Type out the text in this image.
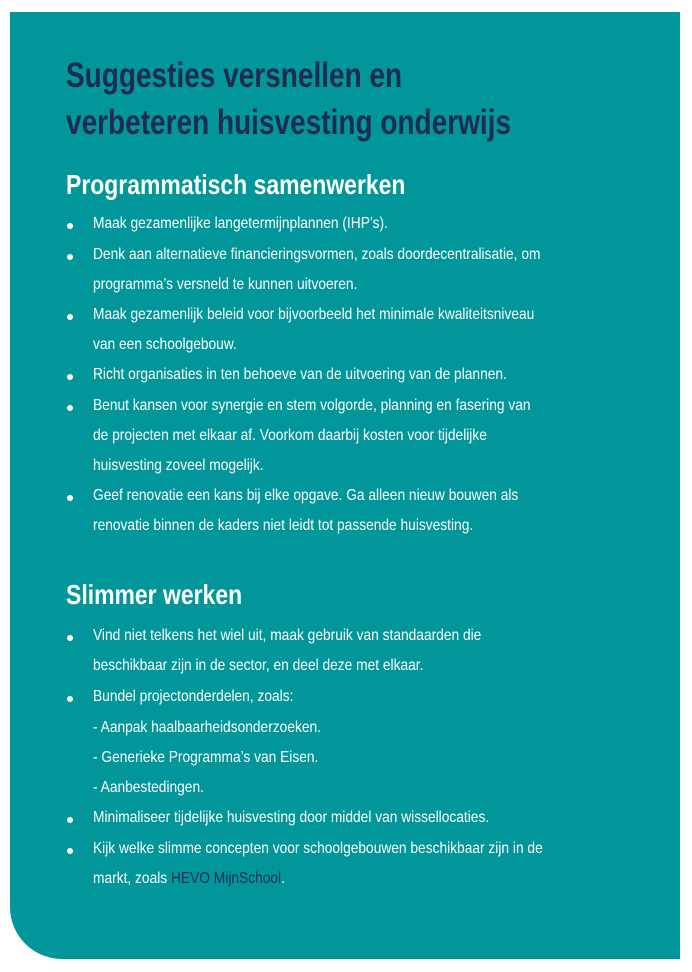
Suggesties versnellen en
verbeteren huisvesting onderwijs
Programmatisch samenwerken
Maak gezamenlijke langetermijnplannen (IHP’s).
Denk aan alternatieve financieringsvormen, zoals doordecentralisatie, om
programma’s versneld te kunnen uitvoeren.
Maak gezamenlijk beleid voor bijvoorbeeld het minimale kwaliteitsniveau
van een schoolgebouw.
Richt organisaties in ten behoeve van de uitvoering van de plannen.
Benut kansen voor synergie en stem volgorde, planning en fasering van
de projecten met elkaar af. Voorkom daarbij kosten voor tijdelijke
huisvesting zoveel mogelijk.
Geef renovatie een kans bij elke opgave. Ga alleen nieuw bouwen als
renovatie binnen de kaders niet leidt tot passende huisvesting.
Slimmer werken
Vind niet telkens het wiel uit, maak gebruik van standaarden die
beschikbaar zijn in de sector, en deel deze met elkaar.
Bundel projectonderdelen, zoals:
- Aanpak haalbaarheidsonderzoeken.
- Generieke Programma’s van Eisen.
- Aanbestedingen.
Minimaliseer tijdelijke huisvesting door middel van wissellocaties.
Kijk welke slimme concepten voor schoolgebouwen beschikbaar zijn in de
markt, zoals HEVO MijnSchool.
